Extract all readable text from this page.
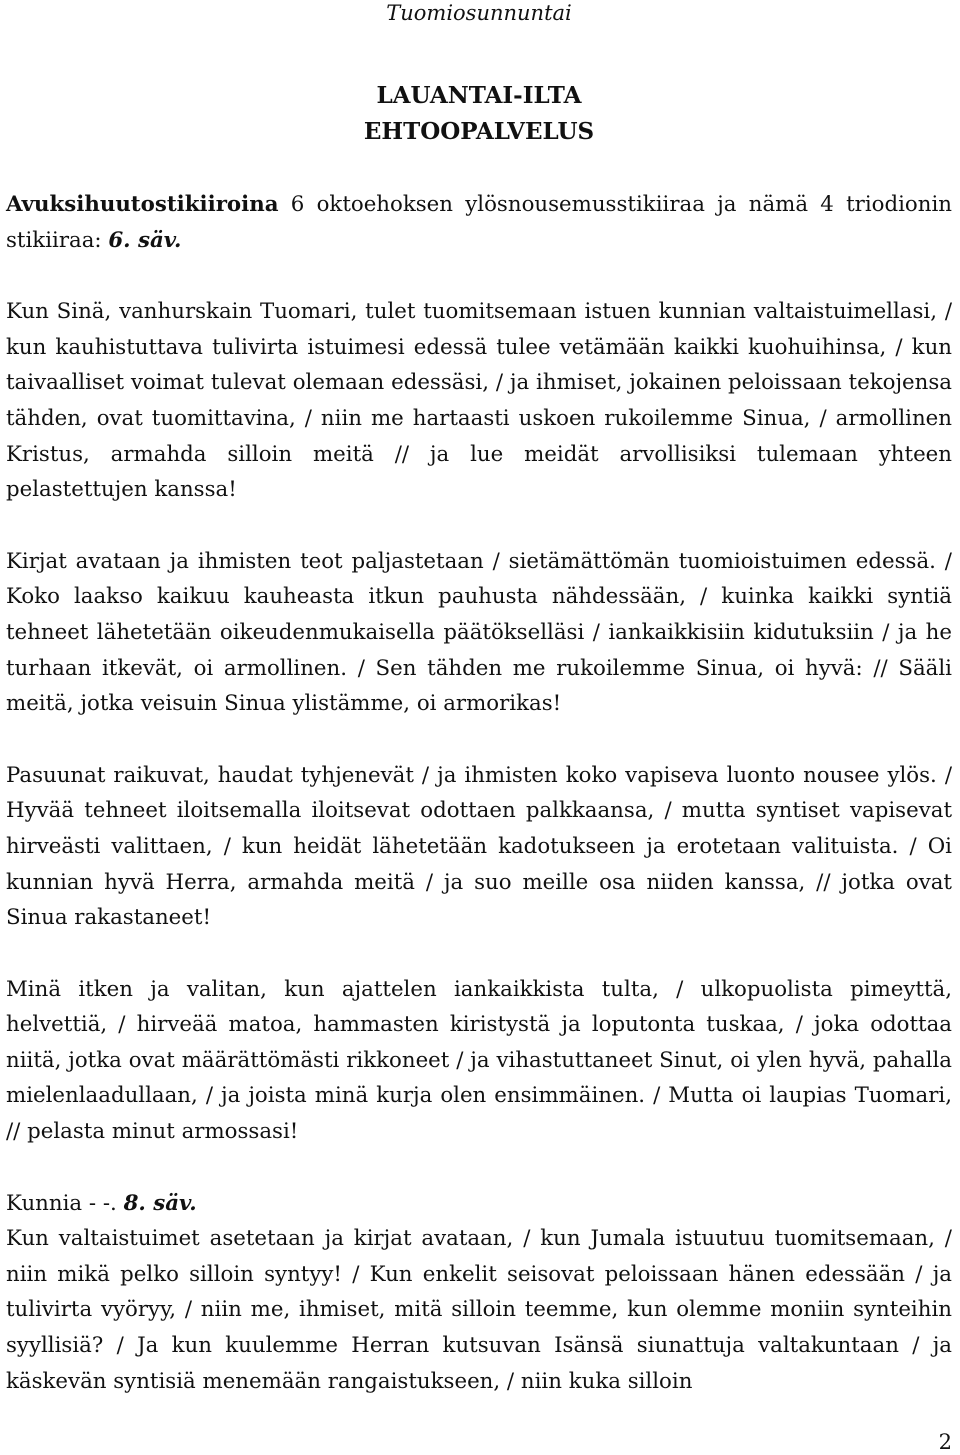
Tuomiosunnuntai
LAUANTAI-ILTA
EHTOOPALVELUS

Avuksihuutostikiiroina 6 oktoehoksen ylösnousemusstikiiraa ja nämä 4 triodionin stikiiraa: 6. säv.

Kun Sinä, vanhurskain Tuomari, tulet tuomitsemaan istuen kunnian valtaistuimellasi, / kun kauhistuttava tulivirta istuimesi edessä tulee vetämään kaikki kuohuihinsa, / kun taivaalliset voimat tulevat olemaan edessäsi, / ja ihmiset, jokainen peloissaan tekojensa tähden, ovat tuomittavina, / niin me hartaasti uskoen rukoilemme Sinua, / armollinen Kristus, armahda silloin meitä // ja lue meidät arvollisiksi tulemaan yhteen pelastettujen kanssa!

Kirjat avataan ja ihmisten teot paljastetaan / sietämättömän tuomioistuimen edessä. / Koko laakso kaikuu kauheasta itkun pauhusta nähdessään, / kuinka kaikki syntiä tehneet lähetetään oikeudenmukaisella päätökselläsi / iankaikkisiin kidutuksiin / ja he turhaan itkevät, oi armollinen. / Sen tähden me rukoilemme Sinua, oi hyvä: // Sääli meitä, jotka veisuin Sinua ylistämme, oi armorikas!

Pasuunat raikuvat, haudat tyhjenevät / ja ihmisten koko vapiseva luonto nousee ylös. / Hyvää tehneet iloitsemalla iloitsevat odottaen palkkaansa, / mutta syntiset vapisevat hirveästi valittaen, / kun heidät lähetetään kadotukseen ja erotetaan valituista. / Oi kunnian hyvä Herra, armahda meitä / ja suo meille osa niiden kanssa, // jotka ovat Sinua rakastaneet!

Minä itken ja valitan, kun ajattelen iankaikkista tulta, / ulkopuolista pimeyttä, helvettiä, / hirveää matoa, hammasten kiristystä ja loputonta tuskaa, / joka odottaa niitä, jotka ovat määrättömästi rikkoneet / ja vihastuttaneet Sinut, oi ylen hyvä, pahalla mielenlaadullaan, / ja joista minä kurja olen ensimmäinen. / Mutta oi laupias Tuomari, // pelasta minut armossasi!

Kunnia - -. 8. säv.

Kun valtaistuimet asetetaan ja kirjat avataan, / kun Jumala istuutuu tuomitsemaan, / niin mikä pelko silloin syntyy! / Kun enkelit seisovat peloissaan hänen edessään / ja tulivirta vyöryy, / niin me, ihmiset, mitä silloin teemme, kun olemme moniin synteihin syyllisiä? / Ja kun kuulemme Herran kutsuvan Isänsä siunattuja valtakuntaan / ja käskevän syntisiä menemään rangaistukseen, / niin kuka silloin

2
